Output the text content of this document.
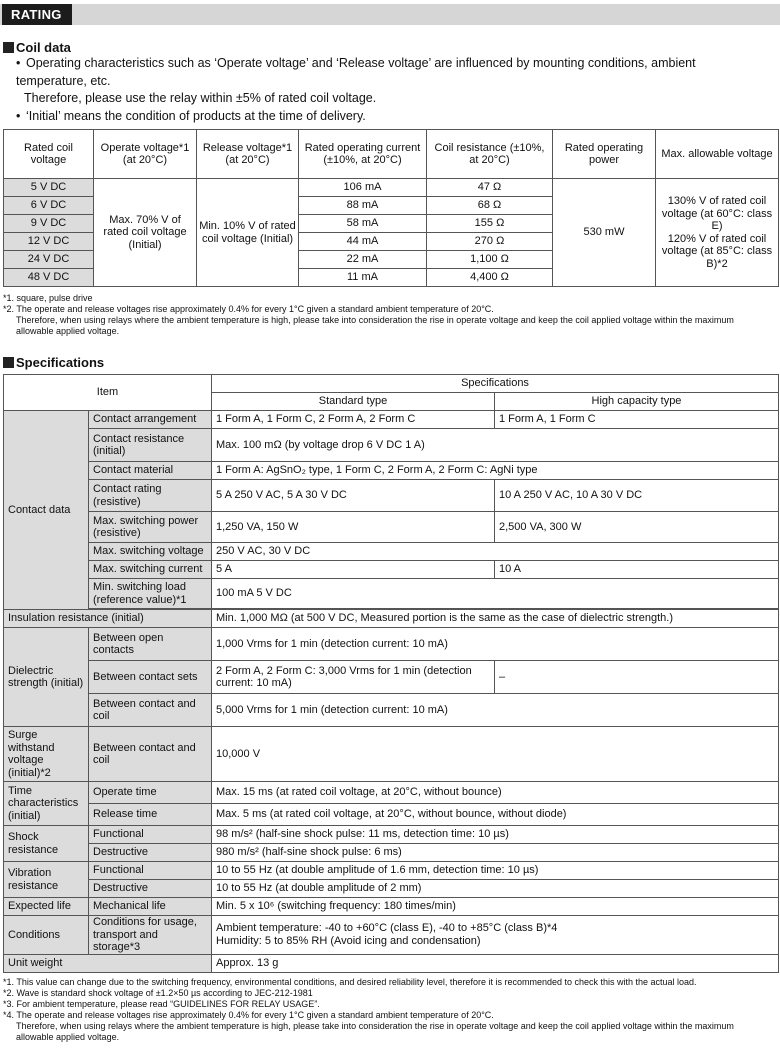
RATING
Coil data
• Operating characteristics such as ‘Operate voltage’ and ‘Release voltage’ are influenced by mounting conditions, ambient temperature, etc.
Therefore, please use the relay within ±5% of rated coil voltage.
• ‘Initial’ means the condition of products at the time of delivery.
Rated coil voltage	Operate voltage*1 (at 20°C)	Release voltage*1 (at 20°C)	Rated operating current (±10%, at 20°C)	Coil resistance (±10%, at 20°C)	Rated operating power	Max. allowable voltage
5 V DC	Max. 70% V of rated coil voltage (Initial)	Min. 10% V of rated coil voltage (Initial)	106 mA	47 Ω	530 mW	130% V of rated coil voltage (at 60°C: class E)
120% V of rated coil voltage (at 85°C: class B)*2

6 V DC			88 mA	68 Ω		
9 V DC			58 mA	155 Ω		
12 V DC			44 mA	270 Ω		
24 V DC			22 mA	1,100 Ω		
48 V DC			11 mA	4,400 Ω		
*1. square, pulse drive
*2. The operate and release voltages rise approximately 0.4% for every 1°C given a standard ambient temperature of 20°C.
Therefore, when using relays where the ambient temperature is high, please take into consideration the rise in operate voltage and keep the coil applied voltage within the maximum allowable applied voltage.
Specifications
Item		Specifications	
		Standard type	High capacity type
Contact data	Contact arrangement	1 Form A, 1 Form C, 2 Form A, 2 Form C	1 Form A, 1 Form C
	Contact resistance (initial)	Max. 100 mΩ (by voltage drop 6 V DC 1 A)	
	Contact material	1 Form A: AgSnO₂ type, 1 Form C, 2 Form A, 2 Form C: AgNi type	
	Contact rating (resistive)	5 A 250 V AC, 5 A 30 V DC	10 A 250 V AC, 10 A 30 V DC
	Max. switching power (resistive)	1,250 VA, 150 W	2,500 VA, 300 W
	Max. switching voltage	250 V AC, 30 V DC	
	Max. switching current	5 A	10 A
	Min. switching load (reference value)*1	100 mA 5 V DC	

Insulation resistance (initial)		Min. 1,000 MΩ (at 500 V DC, Measured portion is the same as the case of dielectric strength.)	
Dielectric strength (initial)	Between open contacts	1,000 Vrms for 1 min (detection current: 10 mA)	
	Between contact sets	2 Form A, 2 Form C: 3,000 Vrms for 1 min (detection current: 10 mA)	–
	Between contact and coil	5,000 Vrms for 1 min (detection current: 10 mA)	
Surge withstand voltage (initial)*2	Between contact and coil	10,000 V	
Time characteristics (initial)	Operate time	Max. 15 ms (at rated coil voltage, at 20°C, without bounce)	
	Release time	Max. 5 ms (at rated coil voltage, at 20°C, without bounce, without diode)	
Shock resistance	Functional	98 m/s² (half-sine shock pulse: 11 ms, detection time: 10 µs)	
	Destructive	980 m/s² (half-sine shock pulse: 6 ms)	
Vibration resistance	Functional	10 to 55 Hz (at double amplitude of 1.6 mm, detection time: 10 µs)	
	Destructive	10 to 55 Hz (at double amplitude of 2 mm)	
Expected life	Mechanical life	Min. 5 x 10⁶ (switching frequency: 180 times/min)	
Conditions	Conditions for usage, transport and storage*3	Ambient temperature: -40 to +60°C (class E), -40 to +85°C (class B)*4
Humidity: 5 to 85% RH (Avoid icing and condensation)	

Unit weight		Approx. 13 g	
*1. This value can change due to the switching frequency, environmental conditions, and desired reliability level, therefore it is recommended to check this with the actual load.
*2. Wave is standard shock voltage of ±1.2×50 µs according to JEC-212-1981
*3. For ambient temperature, please read “GUIDELINES FOR RELAY USAGE”.
*4. The operate and release voltages rise approximately 0.4% for every 1°C given a standard ambient temperature of 20°C.
Therefore, when using relays where the ambient temperature is high, please take into consideration the rise in operate voltage and keep the coil applied voltage within the maximum allowable applied voltage.
